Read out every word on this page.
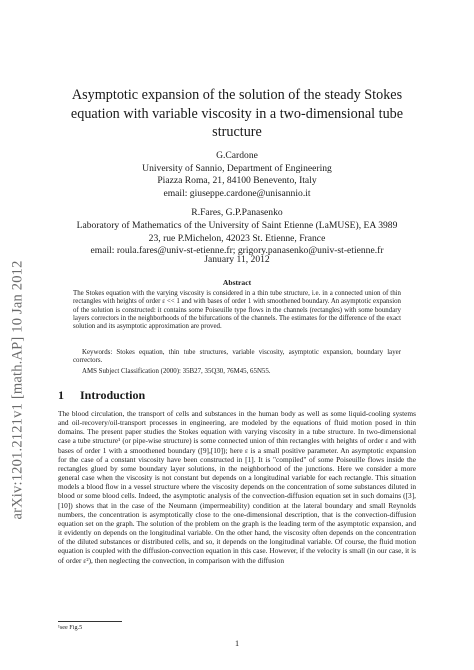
arXiv:1201.2121v1 [math.AP] 10 Jan 2012
Asymptotic expansion of the solution of the steady Stokes equation with variable viscosity in a two-dimensional tube structure
G.Cardone
University of Sannio, Department of Engineering
Piazza Roma, 21, 84100 Benevento, Italy
email: giuseppe.cardone@unisannio.it
R.Fares, G.P.Panasenko
Laboratory of Mathematics of the University of Saint Etienne (LaMUSE), EA 3989
23, rue P.Michelon, 42023 St. Etienne, France
email: roula.fares@univ-st-etienne.fr; grigory.panasenko@univ-st-etienne.fr
January 11, 2012
Abstract
The Stokes equation with the varying viscosity is considered in a thin tube structure, i.e. in a connected union of thin rectangles with heights of order ε << 1 and with bases of order 1 with smoothened boundary. An asymptotic expansion of the solution is constructed: it contains some Poiseuille type flows in the channels (rectangles) with some boundary layers correctors in the neighborhoods of the bifurcations of the channels. The estimates for the difference of the exact solution and its asymptotic approximation are proved.
Keywords: Stokes equation, thin tube structures, variable viscosity, asymptotic expansion, boundary layer correctors.
AMS Subject Classification (2000): 35B27, 35Q30, 76M45, 65N55.
1 Introduction
The blood circulation, the transport of cells and substances in the human body as well as some liquid-cooling systems and oil-recovery/oil-transport processes in engineering, are modeled by the equations of fluid motion posed in thin domains. The present paper studies the Stokes equation with varying viscosity in a tube structure. In two-dimensional case a tube structure¹ (or pipe-wise structure) is some connected union of thin rectangles with heights of order ε and with bases of order 1 with a smoothened boundary ([9],[10]); here ε is a small positive parameter. An asymptotic expansion for the case of a constant viscosity have been constructed in [1]. It is "compiled" of some Poiseuille flows inside the rectangles glued by some boundary layer solutions, in the neighborhood of the junctions. Here we consider a more general case when the viscosity is not constant but depends on a longitudinal variable for each rectangle. This situation models a blood flow in a vessel structure where the viscosity depends on the concentration of some substances diluted in blood or some blood cells. Indeed, the asymptotic analysis of the convection-diffusion equation set in such domains ([3],[10]) shows that in the case of the Neumann (impermeability) condition at the lateral boundary and small Reynolds numbers, the concentration is asymptotically close to the one-dimensional description, that is the convection-diffusion equation set on the graph. The solution of the problem on the graph is the leading term of the asymptotic expansion, and it evidently on depends on the longitudinal variable. On the other hand, the viscosity often depends on the concentration of the diluted substances or distributed cells, and so, it depends on the longitudinal variable. Of course, the fluid motion equation is coupled with the diffusion-convection equation in this case. However, if the velocity is small (in our case, it is of order ε²), then neglecting the convection, in comparison with the diffusion
¹see Fig.5
1
